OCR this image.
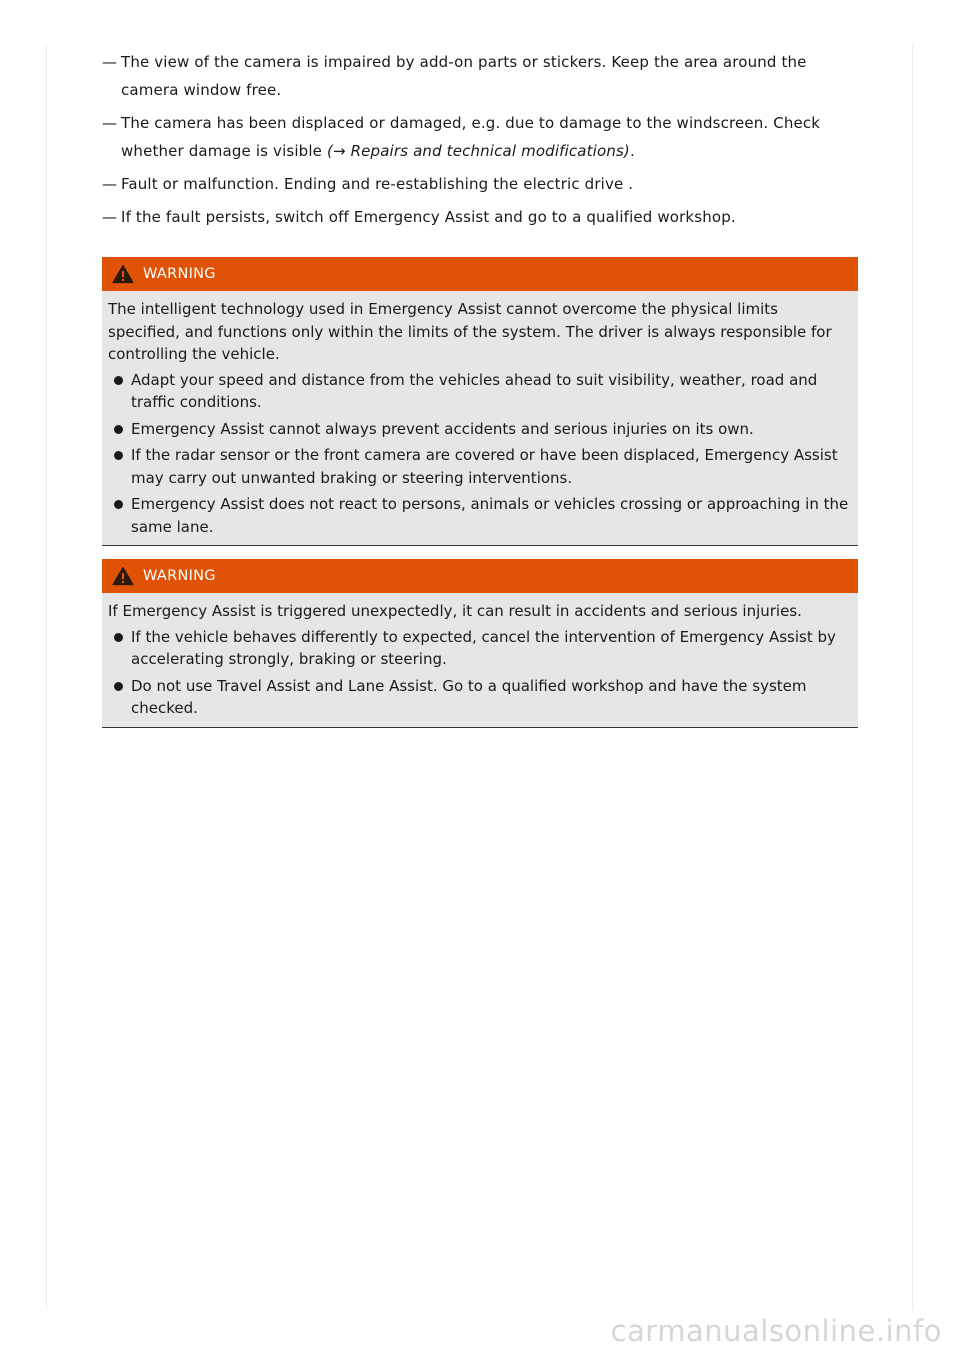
— The view of the camera is impaired by add-on parts or stickers. Keep the area around the camera window free.
— The camera has been displaced or damaged, e.g. due to damage to the windscreen. Check whether damage is visible (→ Repairs and technical modifications).
— Fault or malfunction. Ending and re-establishing the electric drive .
— If the fault persists, switch off Emergency Assist and go to a qualified workshop.
WARNING

The intelligent technology used in Emergency Assist cannot overcome the physical limits specified, and functions only within the limits of the system. The driver is always responsible for controlling the vehicle.

Adapt your speed and distance from the vehicles ahead to suit visibility, weather, road and traffic conditions.
Emergency Assist cannot always prevent accidents and serious injuries on its own.
If the radar sensor or the front camera are covered or have been displaced, Emergency Assist may carry out unwanted braking or steering interventions.
Emergency Assist does not react to persons, animals or vehicles crossing or approaching in the same lane.
WARNING

If Emergency Assist is triggered unexpectedly, it can result in accidents and serious injuries.

If the vehicle behaves differently to expected, cancel the intervention of Emergency Assist by accelerating strongly, braking or steering.
Do not use Travel Assist and Lane Assist. Go to a qualified workshop and have the system checked.
carmanualsonline.info
